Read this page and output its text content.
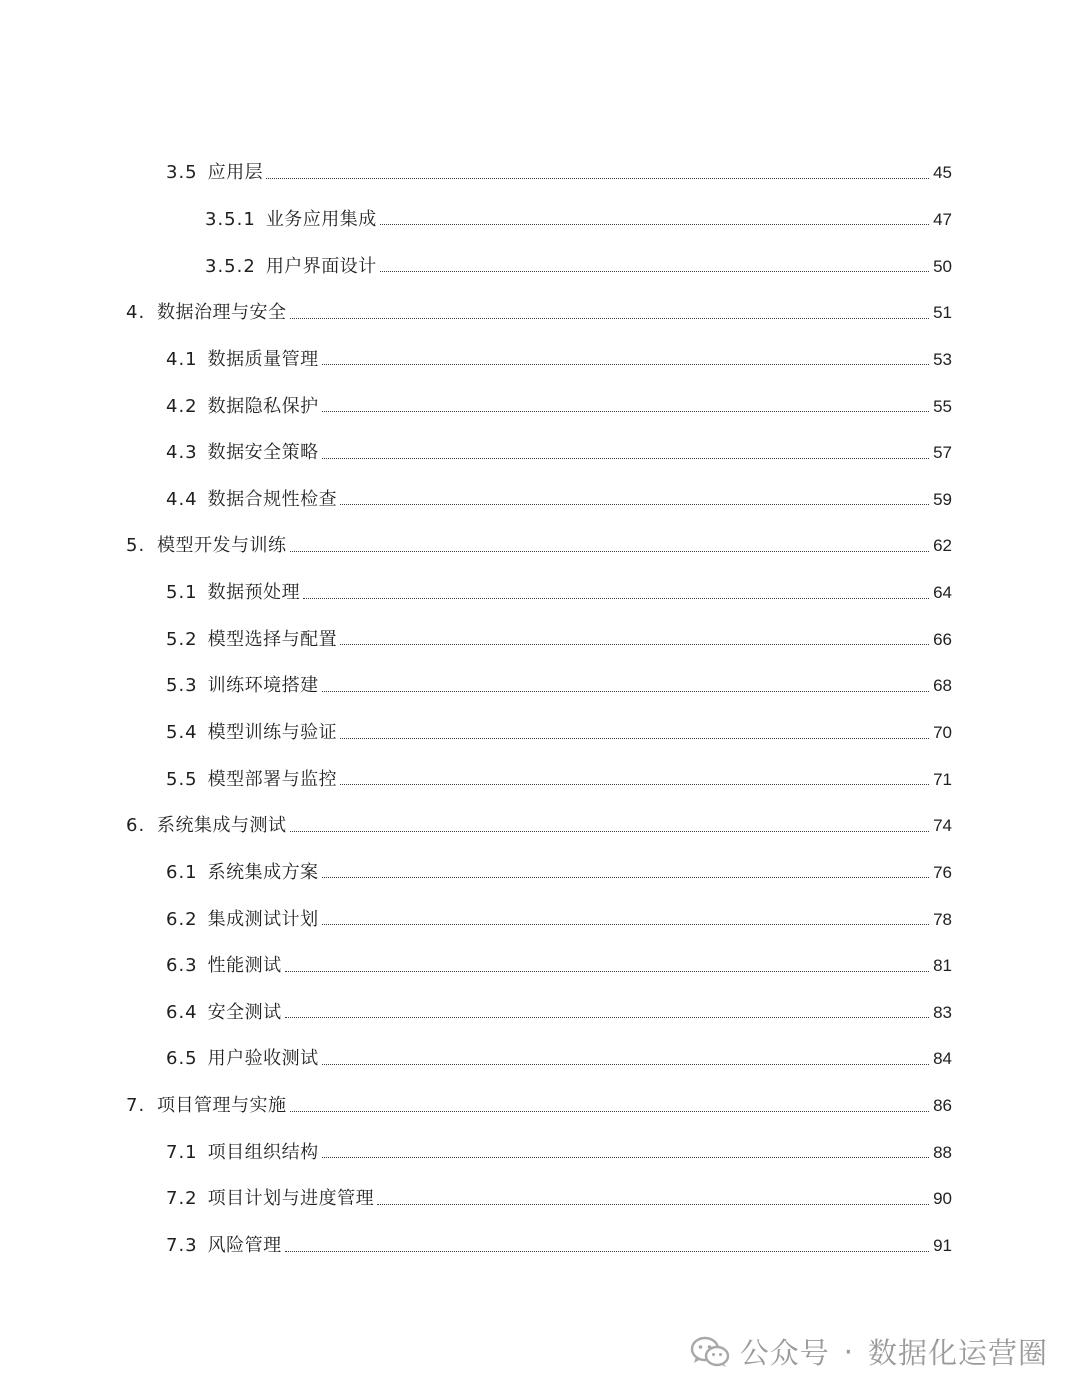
3.5 应用层	45
3.5.1 业务应用集成	47
3.5.2 用户界面设计	50
4. 数据治理与安全	51
4.1 数据质量管理	53
4.2 数据隐私保护	55
4.3 数据安全策略	57
4.4 数据合规性检查	59
5. 模型开发与训练	62
5.1 数据预处理	64
5.2 模型选择与配置	66
5.3 训练环境搭建	68
5.4 模型训练与验证	70
5.5 模型部署与监控	71
6. 系统集成与测试	74
6.1 系统集成方案	76
6.2 集成测试计划	78
6.3 性能测试	81
6.4 安全测试	83
6.5 用户验收测试	84
7. 项目管理与实施	86
7.1 项目组织结构	88
7.2 项目计划与进度管理	90
7.3 风险管理	91
公众号 · 数据化运营圈
